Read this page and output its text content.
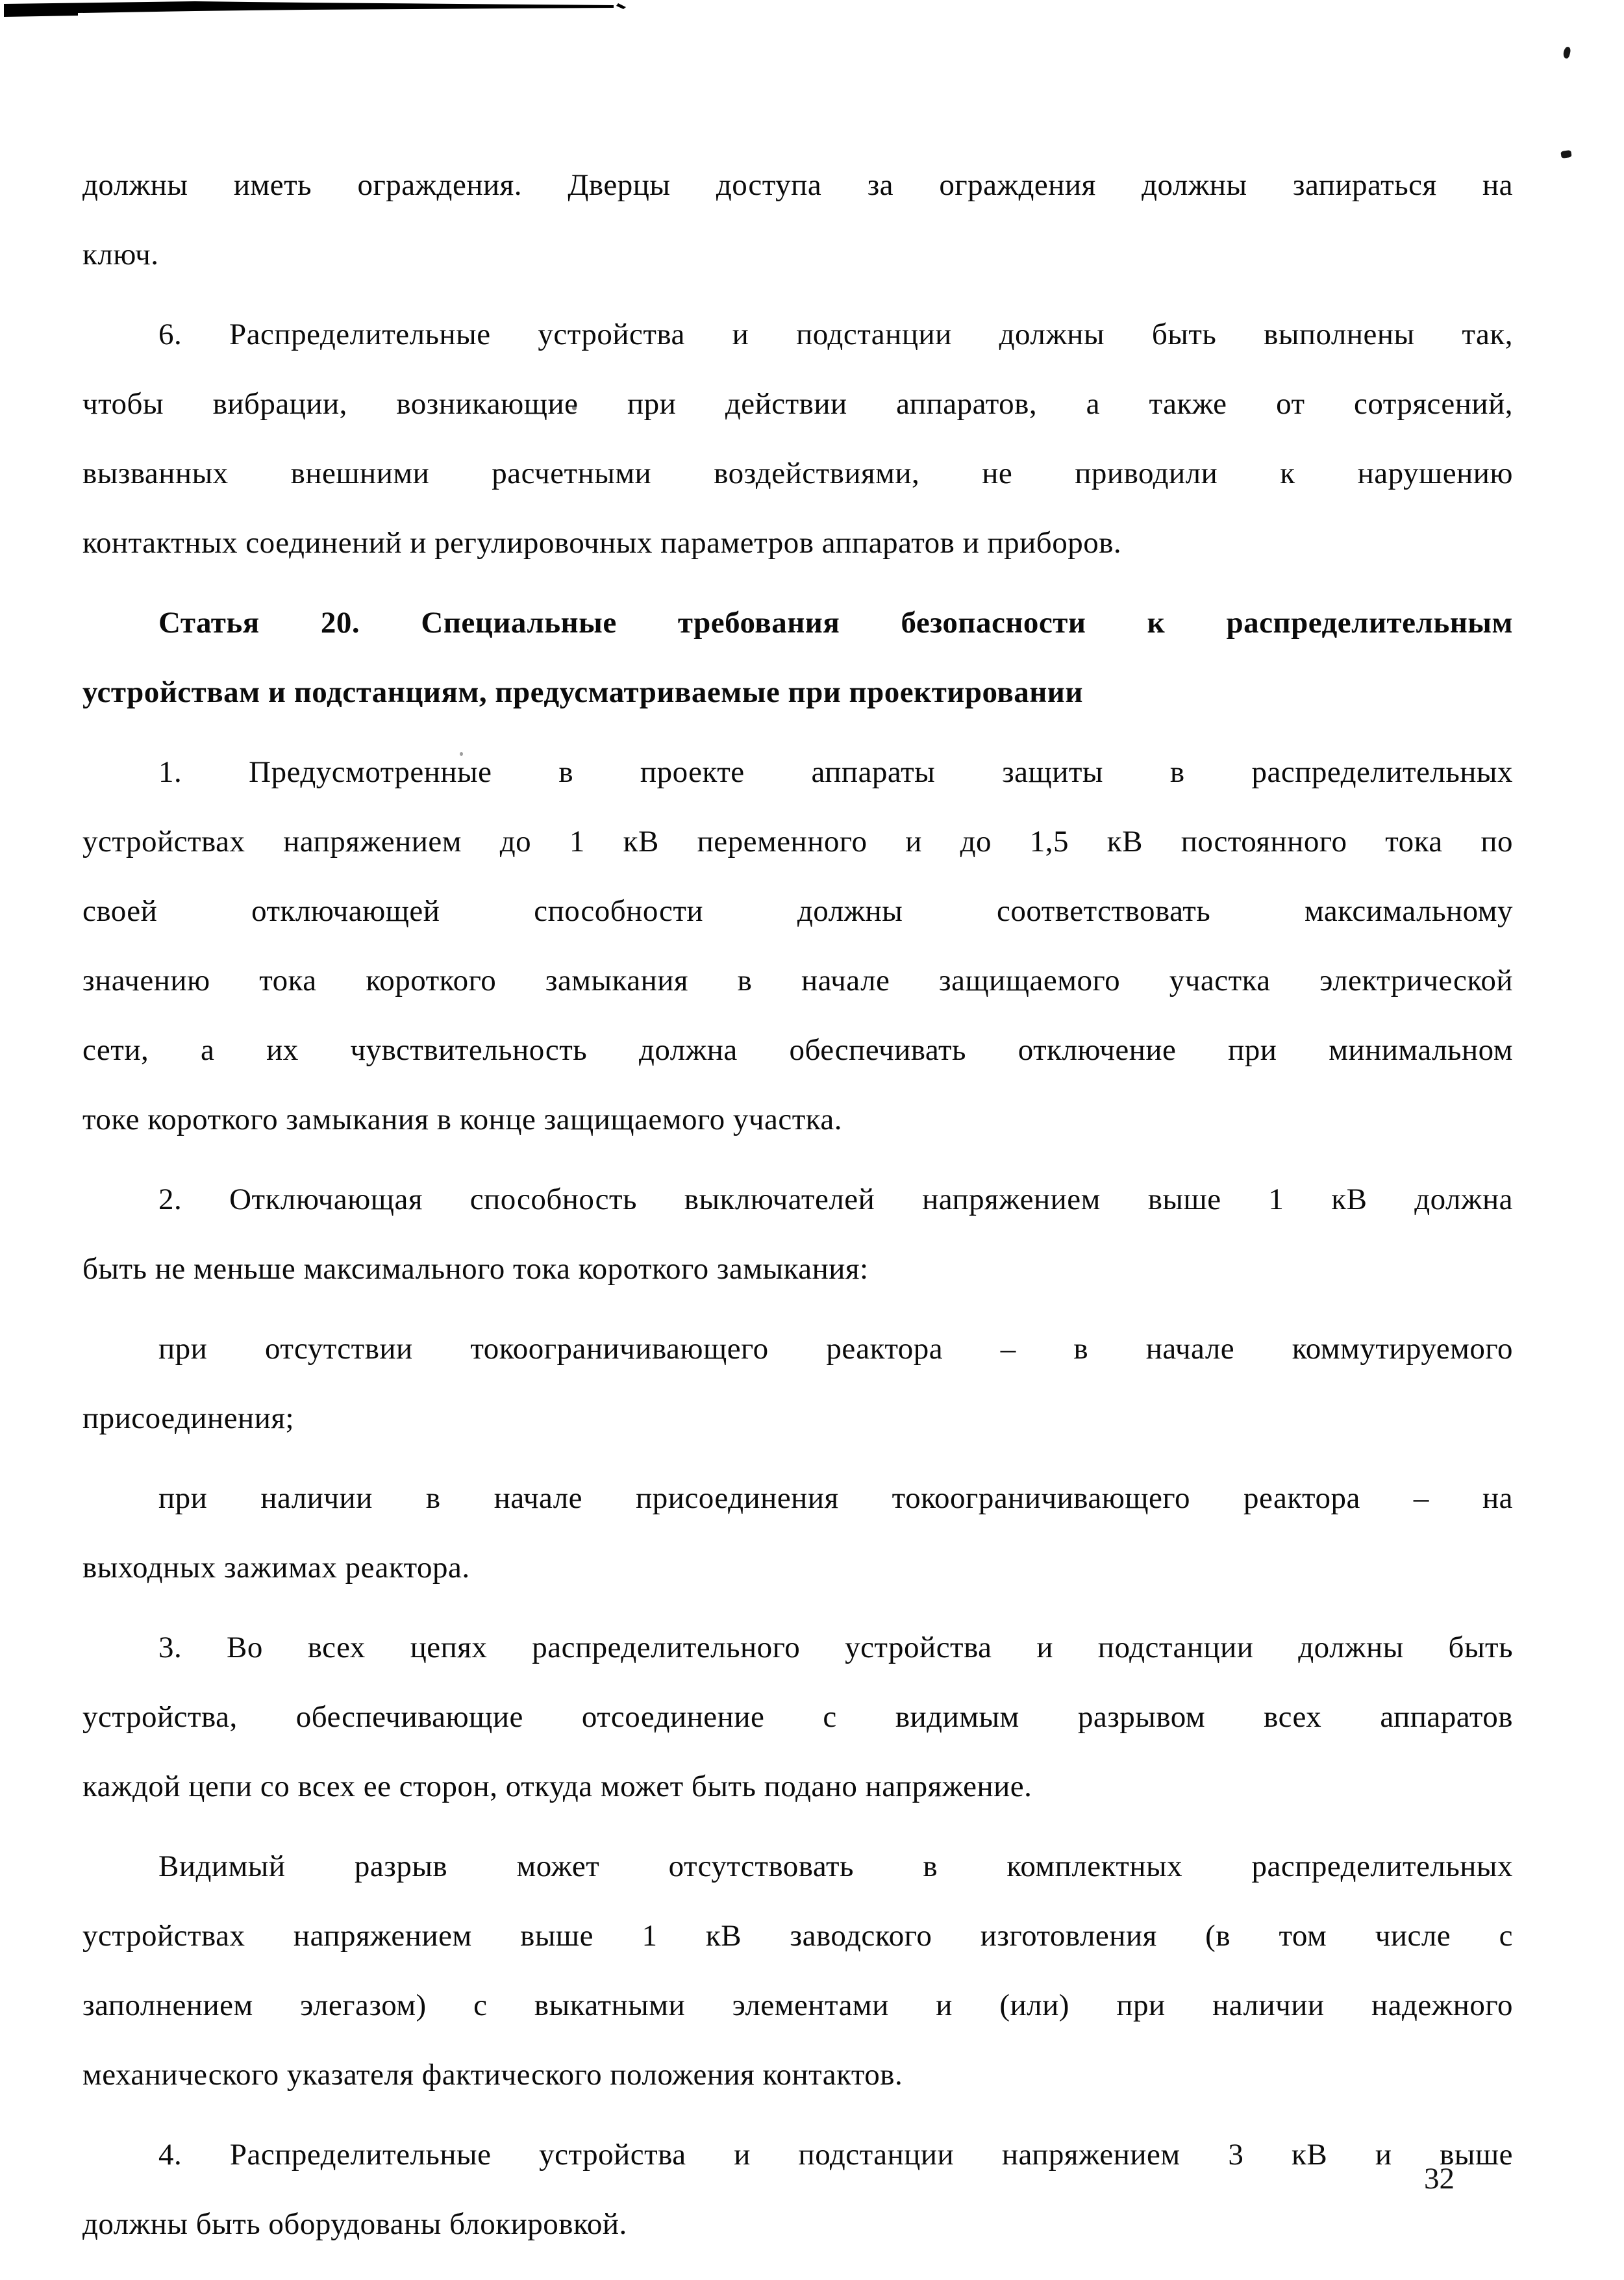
должны иметь ограждения. Дверцы доступа за ограждения должны запираться на
ключ.

6. Распределительные устройства и подстанции должны быть выполнены так,
чтобы вибрации, возникающие при действии аппаратов, а также от сотрясений,
вызванных внешними расчетными воздействиями, не приводили к нарушению
контактных соединений и регулировочных параметров аппаратов и приборов.

Статья 20. Специальные требования безопасности к распределительным
устройствам и подстанциям, предусматриваемые при проектировании

1. Предусмотренные в проекте аппараты защиты в распределительных
устройствах напряжением до 1 кВ переменного и до 1,5 кВ постоянного тока по
своей отключающей способности должны соответствовать максимальному
значению тока короткого замыкания в начале защищаемого участка электрической
сети, а их чувствительность должна обеспечивать отключение при минимальном
токе короткого замыкания в конце защищаемого участка.

2. Отключающая способность выключателей напряжением выше 1 кВ должна
быть не меньше максимального тока короткого замыкания:

при отсутствии токоограничивающего реактора – в начале коммутируемого
присоединения;

при наличии в начале присоединения токоограничивающего реактора – на
выходных зажимах реактора.

3. Во всех цепях распределительного устройства и подстанции должны быть
устройства, обеспечивающие отсоединение с видимым разрывом всех аппаратов
каждой цепи со всех ее сторон, откуда может быть подано напряжение.

Видимый разрыв может отсутствовать в комплектных распределительных
устройствах напряжением выше 1 кВ заводского изготовления (в том числе с
заполнением элегазом) с выкатными элементами и (или) при наличии надежного
механического указателя фактического положения контактов.

4. Распределительные устройства и подстанции напряжением 3 кВ и выше
должны быть оборудованы блокировкой.

32
